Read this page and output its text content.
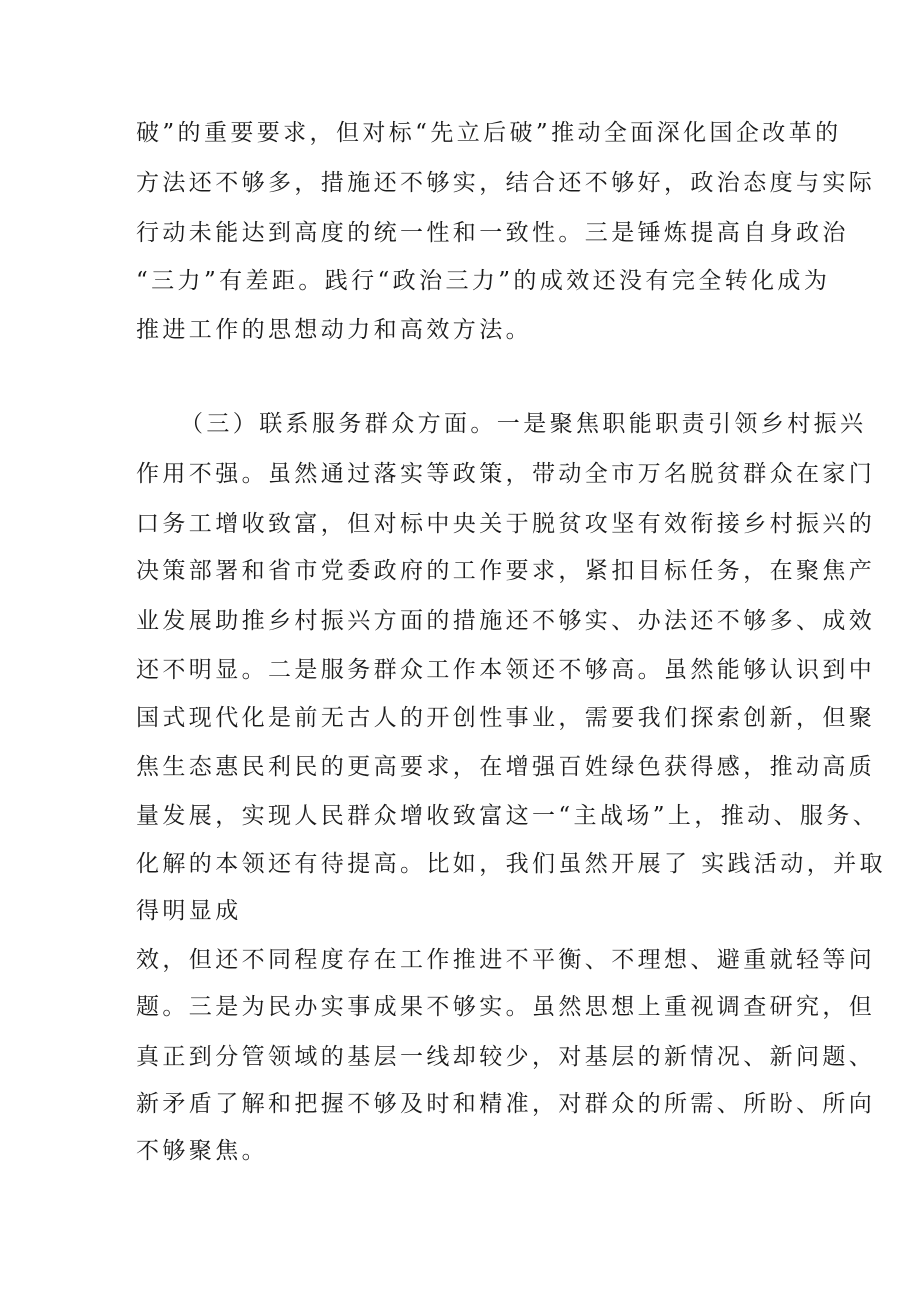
破”的重要要求，但对标“先立后破”推动全面深化国企改革的

方法还不够多，措施还不够实，结合还不够好，政治态度与实际

行动未能达到高度的统一性和一致性。三是锤炼提高自身政治

“三力”有差距。践行“政治三力”的成效还没有完全转化成为

推进工作的思想动力和高效方法。

（三）联系服务群众方面。一是聚焦职能职责引领乡村振兴

作用不强。虽然通过落实等政策，带动全市万名脱贫群众在家门

口务工增收致富，但对标中央关于脱贫攻坚有效衔接乡村振兴的

决策部署和省市党委政府的工作要求，紧扣目标任务，在聚焦产

业发展助推乡村振兴方面的措施还不够实、办法还不够多、成效

还不明显。二是服务群众工作本领还不够高。虽然能够认识到中

国式现代化是前无古人的开创性事业，需要我们探索创新，但聚

焦生态惠民利民的更高要求，在增强百姓绿色获得感，推动高质

量发展，实现人民群众增收致富这一“主战场”上，推动、服务、

化解的本领还有待提高。比如，我们虽然开展了 实践活动，并取

得明显成

效，但还不同程度存在工作推进不平衡、不理想、避重就轻等问

题。三是为民办实事成果不够实。虽然思想上重视调查研究，但

真正到分管领域的基层一线却较少，对基层的新情况、新问题、

新矛盾了解和把握不够及时和精准，对群众的所需、所盼、所向

不够聚焦。
